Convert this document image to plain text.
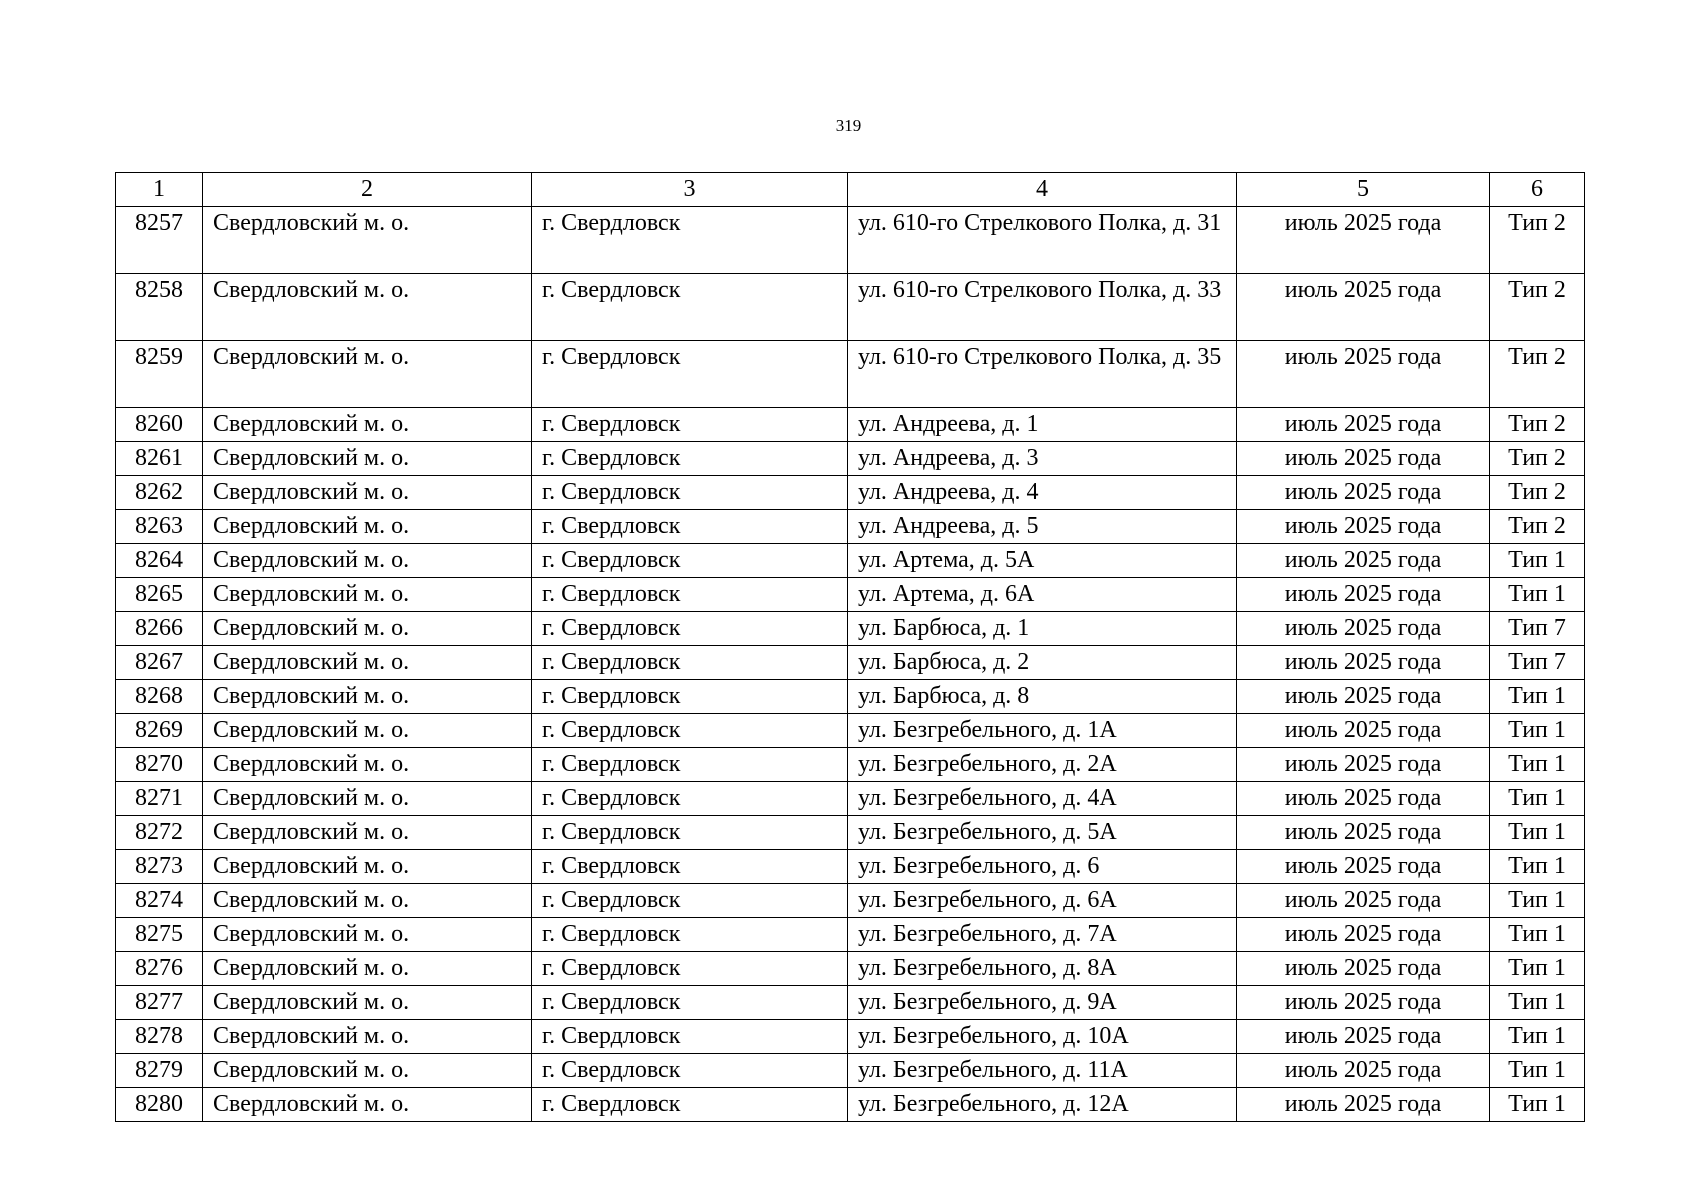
319
1	2	3	4	5	6
8257	Свердловский м. о.	г. Свердловск	ул. 610-го Стрелкового Полка, д. 31	июль 2025 года	Тип 2
8258	Свердловский м. о.	г. Свердловск	ул. 610-го Стрелкового Полка, д. 33	июль 2025 года	Тип 2
8259	Свердловский м. о.	г. Свердловск	ул. 610-го Стрелкового Полка, д. 35	июль 2025 года	Тип 2
8260	Свердловский м. о.	г. Свердловск	ул. Андреева, д. 1	июль 2025 года	Тип 2
8261	Свердловский м. о.	г. Свердловск	ул. Андреева, д. 3	июль 2025 года	Тип 2
8262	Свердловский м. о.	г. Свердловск	ул. Андреева, д. 4	июль 2025 года	Тип 2
8263	Свердловский м. о.	г. Свердловск	ул. Андреева, д. 5	июль 2025 года	Тип 2
8264	Свердловский м. о.	г. Свердловск	ул. Артема, д. 5А	июль 2025 года	Тип 1
8265	Свердловский м. о.	г. Свердловск	ул. Артема, д. 6А	июль 2025 года	Тип 1
8266	Свердловский м. о.	г. Свердловск	ул. Барбюса, д. 1	июль 2025 года	Тип 7
8267	Свердловский м. о.	г. Свердловск	ул. Барбюса, д. 2	июль 2025 года	Тип 7
8268	Свердловский м. о.	г. Свердловск	ул. Барбюса, д. 8	июль 2025 года	Тип 1
8269	Свердловский м. о.	г. Свердловск	ул. Безгребельного, д. 1А	июль 2025 года	Тип 1
8270	Свердловский м. о.	г. Свердловск	ул. Безгребельного, д. 2А	июль 2025 года	Тип 1
8271	Свердловский м. о.	г. Свердловск	ул. Безгребельного, д. 4А	июль 2025 года	Тип 1
8272	Свердловский м. о.	г. Свердловск	ул. Безгребельного, д. 5А	июль 2025 года	Тип 1
8273	Свердловский м. о.	г. Свердловск	ул. Безгребельного, д. 6	июль 2025 года	Тип 1
8274	Свердловский м. о.	г. Свердловск	ул. Безгребельного, д. 6А	июль 2025 года	Тип 1
8275	Свердловский м. о.	г. Свердловск	ул. Безгребельного, д. 7А	июль 2025 года	Тип 1
8276	Свердловский м. о.	г. Свердловск	ул. Безгребельного, д. 8А	июль 2025 года	Тип 1
8277	Свердловский м. о.	г. Свердловск	ул. Безгребельного, д. 9А	июль 2025 года	Тип 1
8278	Свердловский м. о.	г. Свердловск	ул. Безгребельного, д. 10А	июль 2025 года	Тип 1
8279	Свердловский м. о.	г. Свердловск	ул. Безгребельного, д. 11А	июль 2025 года	Тип 1
8280	Свердловский м. о.	г. Свердловск	ул. Безгребельного, д. 12А	июль 2025 года	Тип 1
